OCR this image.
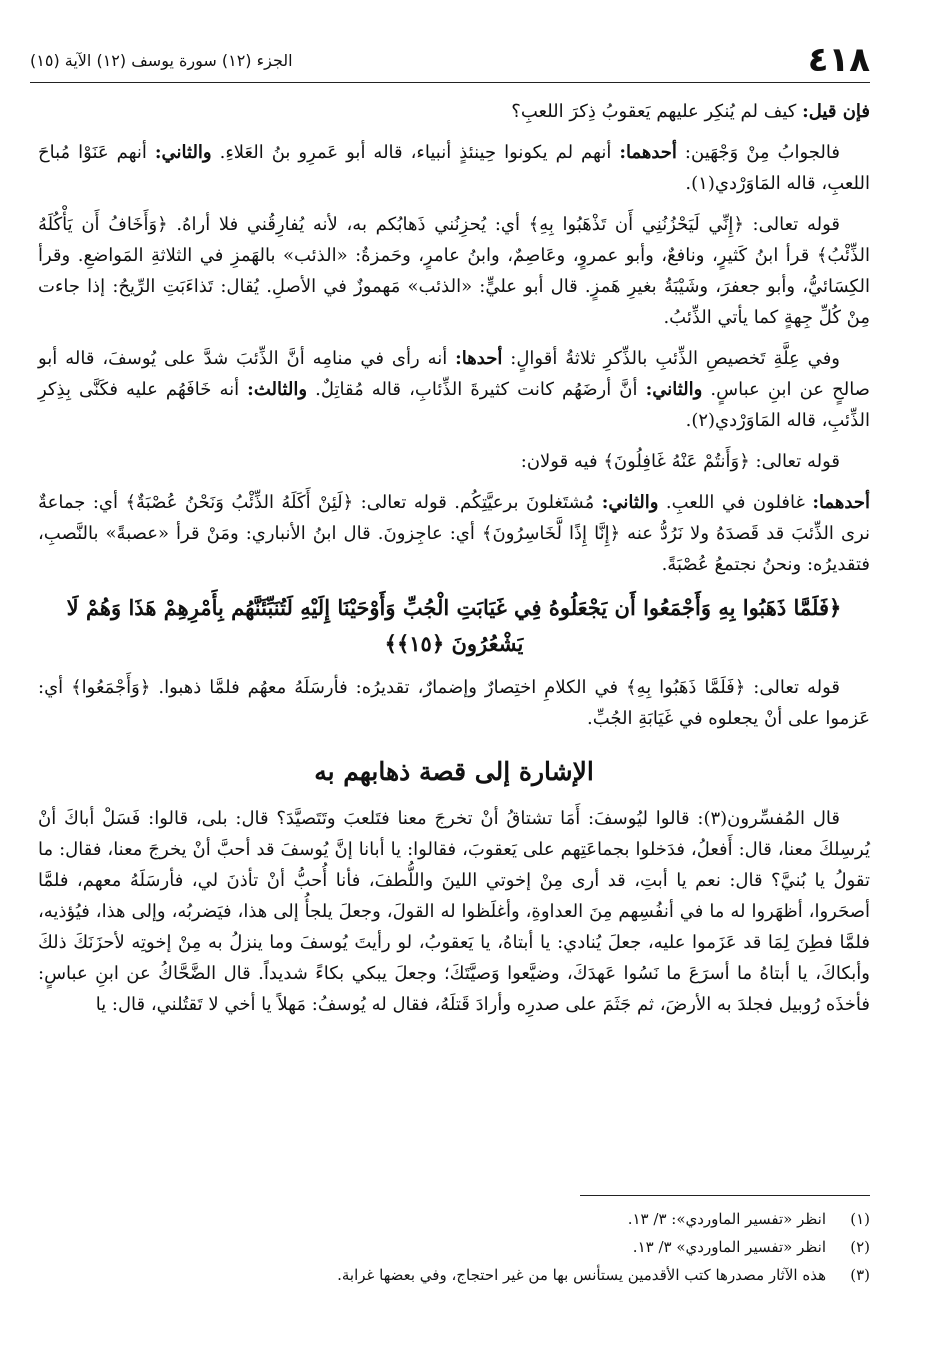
٤١٨
الجزء (١٢) سورة يوسف (١٢) الآية (١٥)

فإن قيل: كيف لم يُنكِر عليهم يَعقوبُ ذِكرَ اللعبِ؟

فالجوابُ مِنْ وَجْهَين: أحدهما: أنهم لم يكونوا حِينئذٍ أنبياء، قاله أبو عَمرِو بنُ العَلاءِ. والثاني: أنهم عَنَوْا مُباحَ اللعبِ، قاله المَاوَرْدي(١).

قوله تعالى: ﴿إِنِّي لَيَحْزُنُنِي أَن تَذْهَبُوا بِهِ﴾ أي: يُحزِنُني ذَهابُكم به، لأنه يُفارِقُني فلا أراهُ. ﴿وَأَخَافُ أَن يَأْكُلَهُ الذِّئْبُ﴾ قرأ ابنُ كَثيرٍ، ونافعٌ، وأبو عمروٍ، وعَاصِمٌ، وابنُ عامرٍ، وحَمزةُ: «الذئب» بالهَمزِ في الثلاثةِ المَواضعِ. وقرأ الكِسَائيُّ، وأبو جعفرَ، وشَيْبَةُ بغيرِ هَمزٍ. قال أبو عليٍّ: «الذئب» مَهموزٌ في الأصلِ. يُقال: تَذاءَبَتِ الرِّيحُ: إذا جاءت مِنْ كُلِّ جِهةٍ كما يأتي الذِّئبُ.

وفي عِلَّةِ تَخصيصِ الذِّئبِ بالذِّكرِ ثلاثةُ أقوالٍ: أحدها: أنه رأى في منامِه أنَّ الذِّئبَ شدَّ على يُوسفَ، قاله أبو صالحٍ عن ابنِ عباسٍ. والثاني: أنَّ أرضَهُم كانت كثيرةَ الذِّئابِ، قاله مُقاتِلٌ. والثالث: أنه خَافَهُم عليه فكَنَّى بِذِكرِ الذِّئبِ، قاله المَاوَرْدي(٢).

قوله تعالى: ﴿وَأَنتُمْ عَنْهُ غَافِلُونَ﴾ فيه قولان:

أحدهما: غافلون في اللعبِ. والثاني: مُشتَغلونَ برعيَّتِكُم. قوله تعالى: ﴿لَئِنْ أَكَلَهُ الذِّئْبُ وَنَحْنُ عُصْبَةٌ﴾ أي: جماعةٌ نرى الذِّئبَ قد قَصدَهُ ولا نَرُدُّ عنه ﴿إِنَّا إِذًا لَّخَاسِرُونَ﴾ أي: عاجِزونَ. قال ابنُ الأنباري: ومَنْ قرأ «عصبةً» بالنَّصبِ، فتقديرُه: ونحنُ نجتمعُ عُصْبَةً.

﴿فَلَمَّا ذَهَبُوا بِهِ وَأَجْمَعُوا أَن يَجْعَلُوهُ فِي غَيَابَتِ الْجُبِّ وَأَوْحَيْنَا إِلَيْهِ لَتُنَبِّئَنَّهُم بِأَمْرِهِمْ هَذَا وَهُمْ لَا يَشْعُرُونَ ﴿١٥﴾﴾

قوله تعالى: ﴿فَلَمَّا ذَهَبُوا بِهِ﴾ في الكلامِ اختِصارٌ وإضمارٌ، تقديرُه: فأرسَلَهُ معهُم فلمَّا ذهبوا. ﴿وَأَجْمَعُوا﴾ أي: عَزموا على أنْ يجعلوه في غَيَابَةِ الجُبِّ.

الإشارة إلى قصة ذهابهم به

قال المُفسِّرون(٣): قالوا ليُوسفَ: أَمَا تشتاقُ أنْ تخرجَ معنا فتَلعبَ وتَتَصيَّدَ؟ قال: بلى، قالوا: فَسَلْ أباكَ أنْ يُرسِلكَ معنا، قال: أَفعلُ، فدَخلوا بجماعَتِهم على يَعقوبَ، فقالوا: يا أبانا إنَّ يُوسفَ قد أحبَّ أنْ يخرجَ معنا، فقال: ما تقولُ يا بُنيَّ؟ قال: نعم يا أبتِ، قد أرى مِنْ إخوتي اللينَ واللُّطفَ، فأنا أُحبُّ أنْ تأذنَ لي، فأرسَلَهُ معهم، فلمَّا أصحَروا، أظهَروا له ما في أنفُسِهم مِنَ العداوةِ، وأغلَظوا له القولَ، وجعلَ يلجأُ إلى هذا، فيَضربُه، وإلى هذا، فيُؤذيه، فلمَّا فطِنَ لِمَا قد عَزَموا عليه، جعلَ يُنادي: يا أبتاهُ، يا يَعقوبُ، لو رأيتَ يُوسفَ وما ينزلُ به مِنْ إخوتِه لأحزَنَكَ ذلكَ وأبكاكَ، يا أبتاهُ ما أسرَعَ ما نَسُوا عَهدَكَ، وضيَّعوا وَصيَّتَكَ؛ وجعلَ يبكي بكاءً شديداً. قال الضَّحَّاكُ عن ابنِ عباسٍ: فأخذَه رُوبيل فجلدَ به الأرضَ، ثم جَثَمَ على صدرِه وأرادَ قَتلَهُ، فقال له يُوسفُ: مَهلاً يا أخي لا تَقتُلني، قال: يا

(١)
انظر «تفسير الماوردي»: ٣/ ١٣.
(٢)
انظر «تفسير الماوردي» ٣/ ١٣.
(٣)
هذه الآثار مصدرها كتب الأقدمين يستأنس بها من غير احتجاج، وفي بعضها غرابة.
